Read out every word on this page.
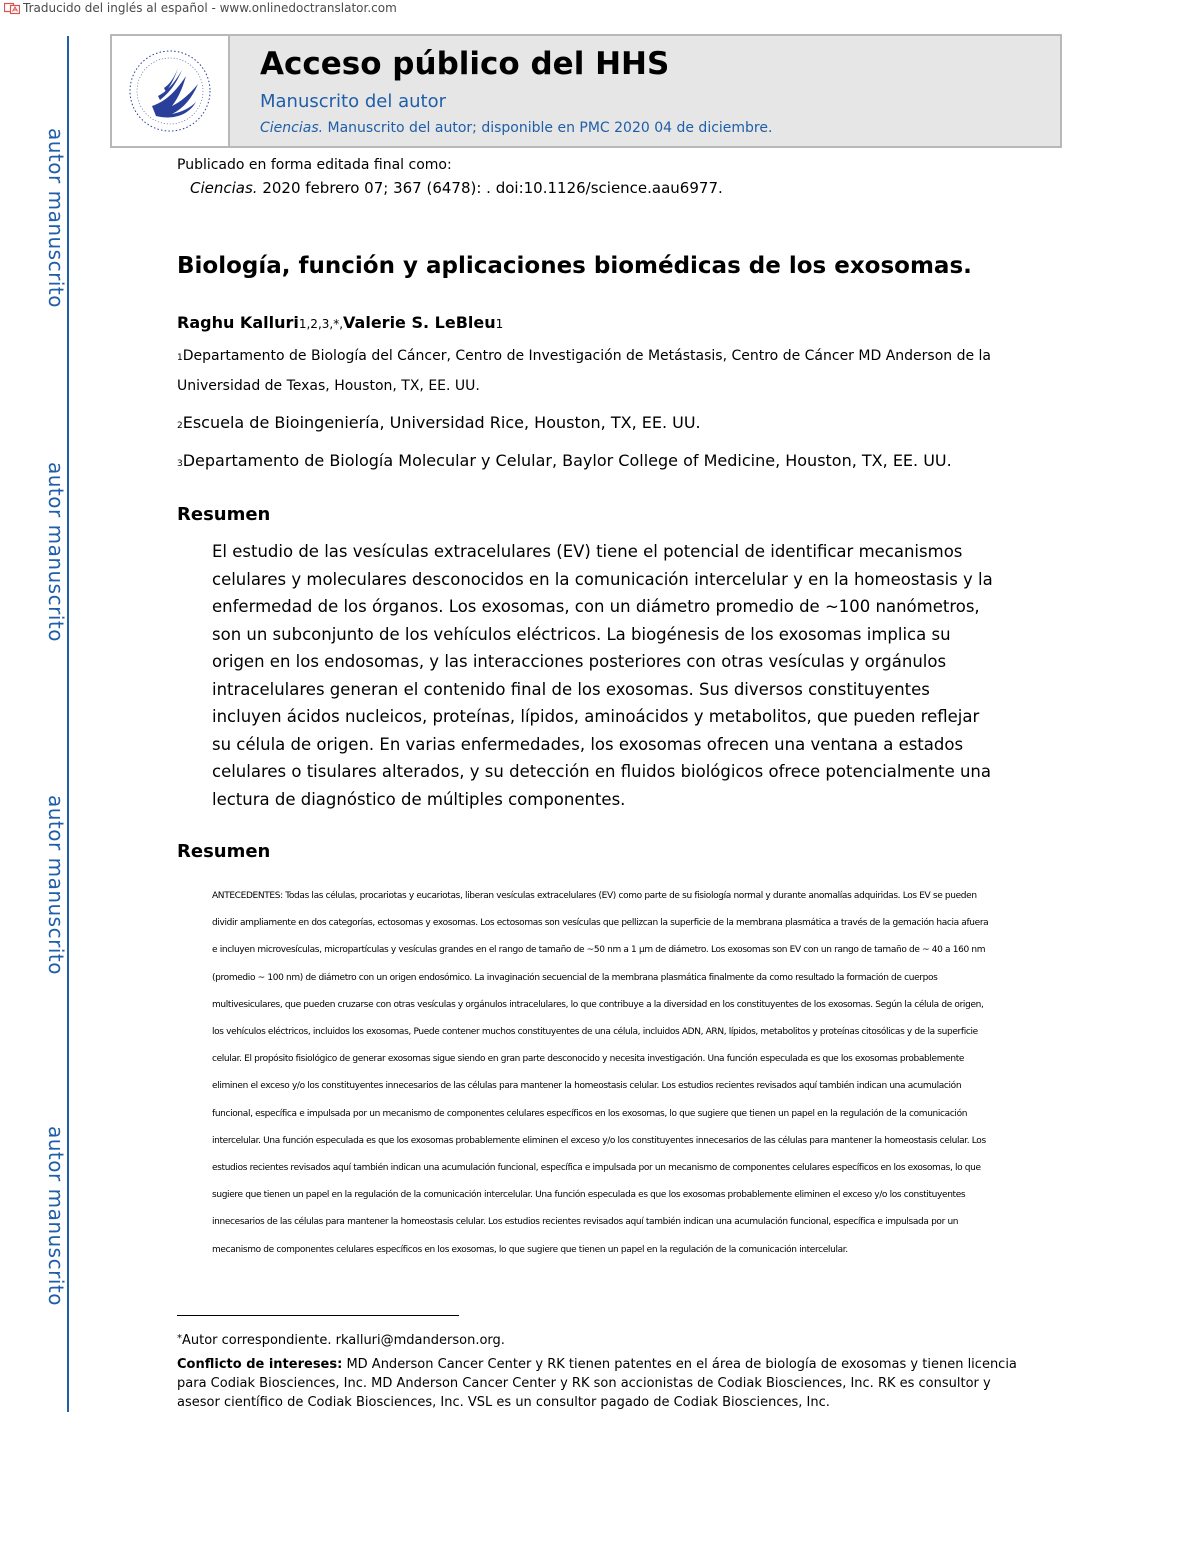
Traducido del inglés al español - www.onlinedoctranslator.com
autor manuscrito
autor manuscrito
autor manuscrito
autor manuscrito
Acceso público del HHS
Manuscrito del autor
Ciencias. Manuscrito del autor; disponible en PMC 2020 04 de diciembre.
Publicado en forma editada final como:
Ciencias. 2020 febrero 07; 367 (6478): . doi:10.1126/science.aau6977.
Biología, función y aplicaciones biomédicas de los exosomas.
Raghu Kalluri1,2,3,*,Valerie S. LeBleu1
1Departamento de Biología del Cáncer, Centro de Investigación de Metástasis, Centro de Cáncer MD Anderson de la Universidad de Texas, Houston, TX, EE. UU.
2Escuela de Bioingeniería, Universidad Rice, Houston, TX, EE. UU.
3Departamento de Biología Molecular y Celular, Baylor College of Medicine, Houston, TX, EE. UU.
Resumen
El estudio de las vesículas extracelulares (EV) tiene el potencial de identificar mecanismos celulares y moleculares desconocidos en la comunicación intercelular y en la homeostasis y la enfermedad de los órganos. Los exosomas, con un diámetro promedio de ~100 nanómetros, son un subconjunto de los vehículos eléctricos. La biogénesis de los exosomas implica su origen en los endosomas, y las interacciones posteriores con otras vesículas y orgánulos intracelulares generan el contenido final de los exosomas. Sus diversos constituyentes incluyen ácidos nucleicos, proteínas, lípidos, aminoácidos y metabolitos, que pueden reflejar su célula de origen. En varias enfermedades, los exosomas ofrecen una ventana a estados celulares o tisulares alterados, y su detección en fluidos biológicos ofrece potencialmente una lectura de diagnóstico de múltiples componentes.
Resumen
ANTECEDENTES: Todas las células, procariotas y eucariotas, liberan vesículas extracelulares (EV) como parte de su fisiología normal y durante anomalías adquiridas. Los EV se pueden dividir ampliamente en dos categorías, ectosomas y exosomas. Los ectosomas son vesículas que pellizcan la superficie de la membrana plasmática a través de la gemación hacia afuera e incluyen microvesículas, micropartículas y vesículas grandes en el rango de tamaño de ~50 nm a 1 μm de diámetro. Los exosomas son EV con un rango de tamaño de ~ 40 a 160 nm (promedio ~ 100 nm) de diámetro con un origen endosómico. La invaginación secuencial de la membrana plasmática finalmente da como resultado la formación de cuerpos multivesiculares, que pueden cruzarse con otras vesículas y orgánulos intracelulares, lo que contribuye a la diversidad en los constituyentes de los exosomas. Según la célula de origen, los vehículos eléctricos, incluidos los exosomas, Puede contener muchos constituyentes de una célula, incluidos ADN, ARN, lípidos, metabolitos y proteínas citosólicas y de la superficie celular. El propósito fisiológico de generar exosomas sigue siendo en gran parte desconocido y necesita investigación. Una función especulada es que los exosomas probablemente eliminen el exceso y/o los constituyentes innecesarios de las células para mantener la homeostasis celular. Los estudios recientes revisados aquí también indican una acumulación funcional, específica e impulsada por un mecanismo de componentes celulares específicos en los exosomas, lo que sugiere que tienen un papel en la regulación de la comunicación intercelular. Una función especulada es que los exosomas probablemente eliminen el exceso y/o los constituyentes innecesarios de las células para mantener la homeostasis celular. Los estudios recientes revisados aquí también indican una acumulación funcional, específica e impulsada por un mecanismo de componentes celulares específicos en los exosomas, lo que sugiere que tienen un papel en la regulación de la comunicación intercelular. Una función especulada es que los exosomas probablemente eliminen el exceso y/o los constituyentes innecesarios de las células para mantener la homeostasis celular. Los estudios recientes revisados aquí también indican una acumulación funcional, específica e impulsada por un mecanismo de componentes celulares específicos en los exosomas, lo que sugiere que tienen un papel en la regulación de la comunicación intercelular.
*Autor correspondiente. rkalluri@mdanderson.org.
Conflicto de intereses: MD Anderson Cancer Center y RK tienen patentes en el área de biología de exosomas y tienen licencia para Codiak Biosciences, Inc. MD Anderson Cancer Center y RK son accionistas de Codiak Biosciences, Inc. RK es consultor y asesor científico de Codiak Biosciences, Inc. VSL es un consultor pagado de Codiak Biosciences, Inc.
